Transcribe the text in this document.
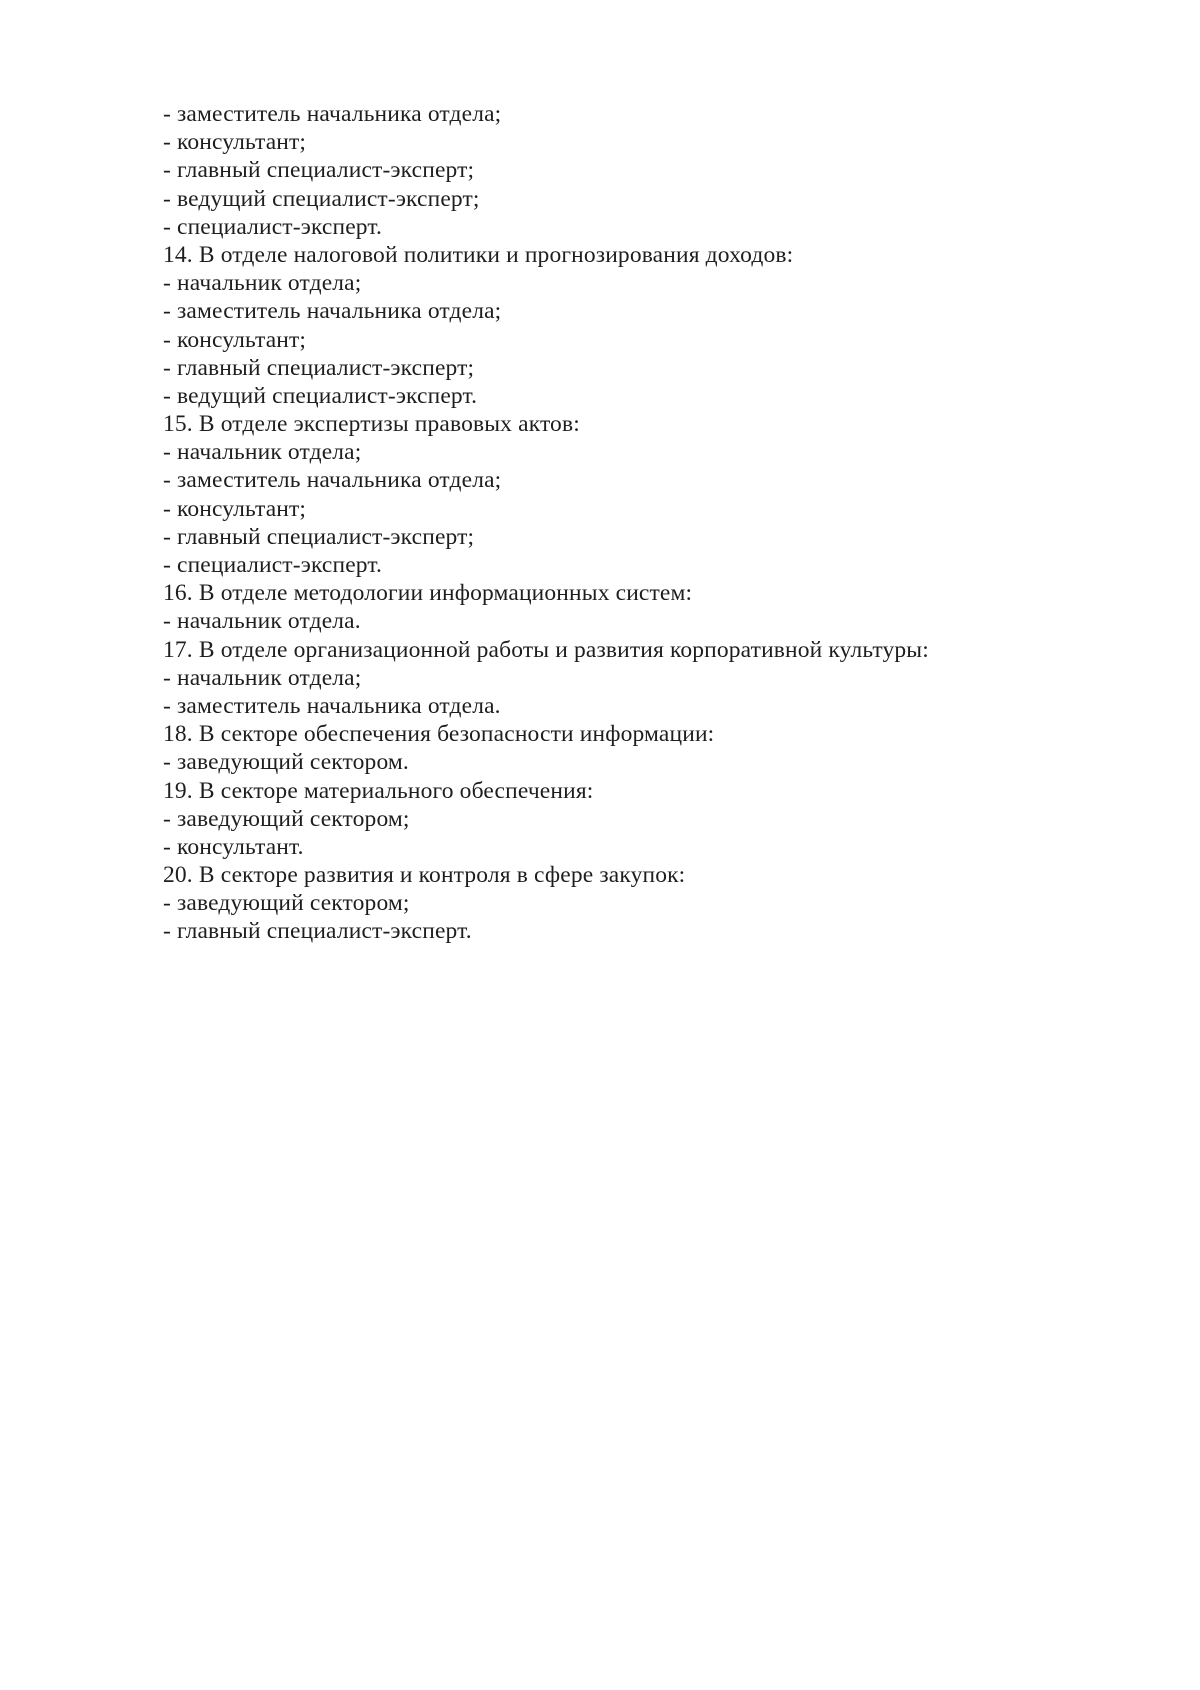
- заместитель начальника отдела;
- консультант;
- главный специалист-эксперт;
- ведущий специалист-эксперт;
- специалист-эксперт.
14. В отделе налоговой политики и прогнозирования доходов:
- начальник отдела;
- заместитель начальника отдела;
- консультант;
- главный специалист-эксперт;
- ведущий специалист-эксперт.
15. В отделе экспертизы правовых актов:
- начальник отдела;
- заместитель начальника отдела;
- консультант;
- главный специалист-эксперт;
- специалист-эксперт.
16. В отделе методологии информационных систем:
- начальник отдела.
17. В отделе организационной работы и развития корпоративной культуры:
- начальник отдела;
- заместитель начальника отдела.
18. В секторе обеспечения безопасности информации:
- заведующий сектором.
19. В секторе материального обеспечения:
- заведующий сектором;
- консультант.
20. В секторе развития и контроля в сфере закупок:
- заведующий сектором;
- главный специалист-эксперт.
